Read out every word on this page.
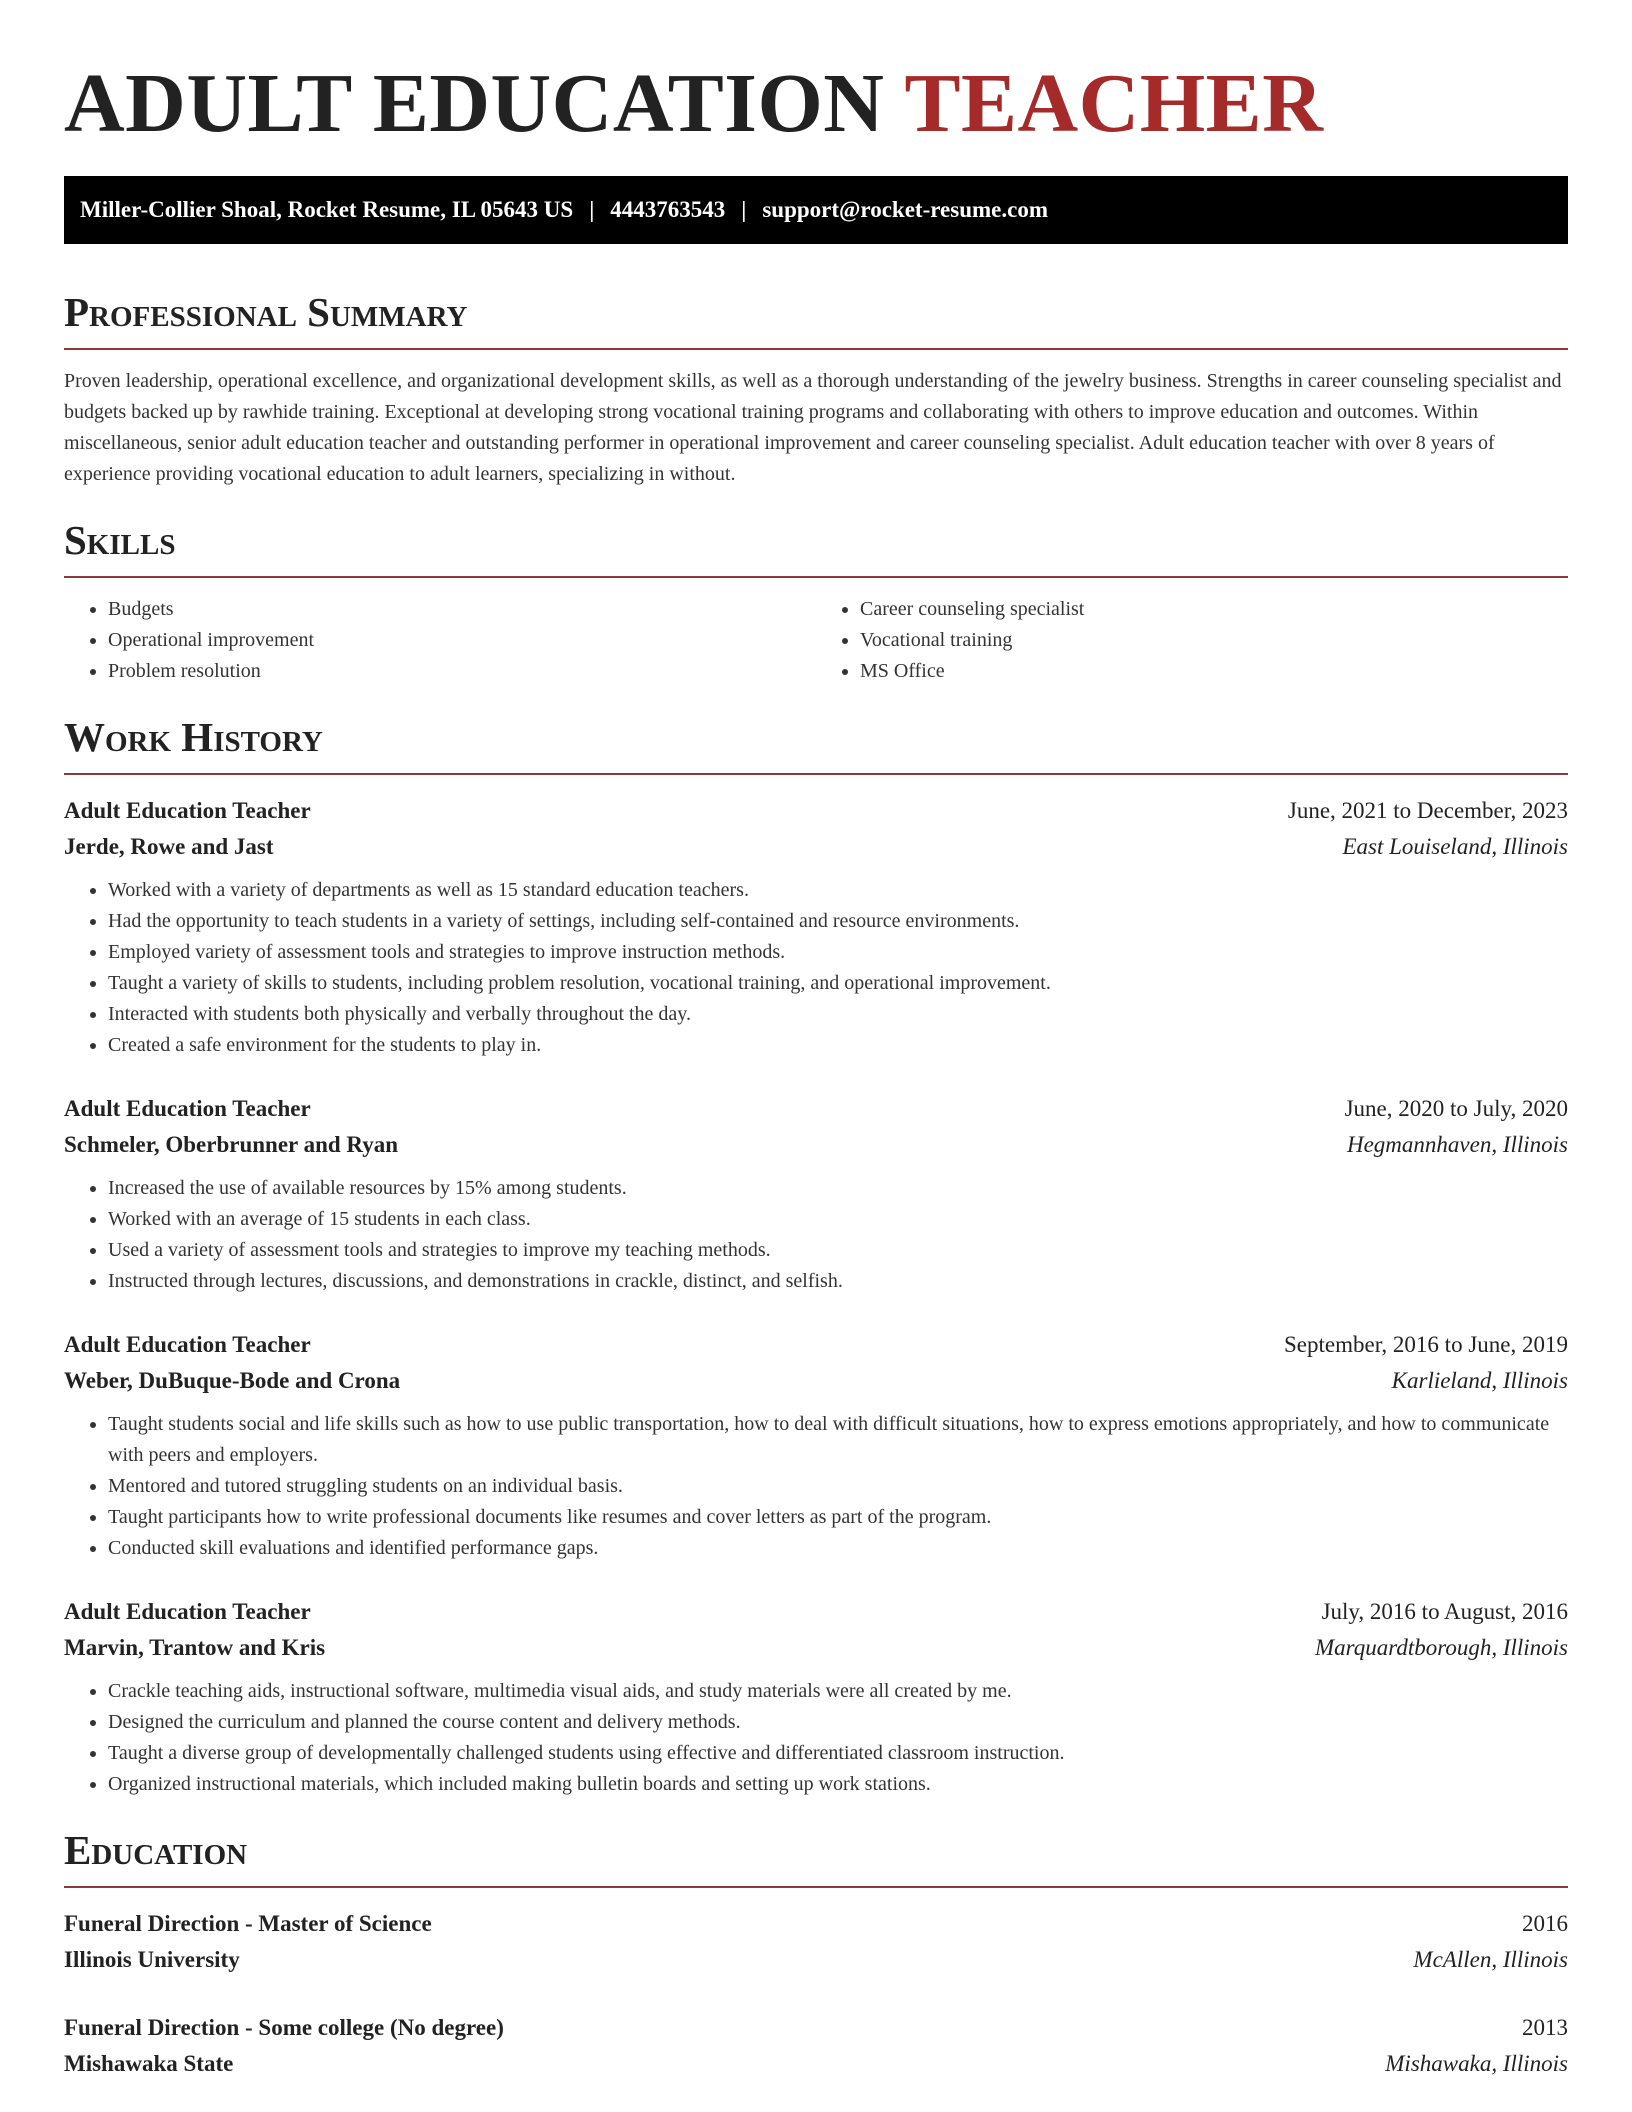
ADULT EDUCATION TEACHER
Miller-Collier Shoal, Rocket Resume, IL 05643 US | 4443763543 | support@rocket-resume.com
Professional Summary

Proven leadership, operational excellence, and organizational development skills, as well as a thorough understanding of the jewelry business. Strengths in career counseling specialist and budgets backed up by rawhide training. Exceptional at developing strong vocational training programs and collaborating with others to improve education and outcomes. Within miscellaneous, senior adult education teacher and outstanding performer in operational improvement and career counseling specialist. Adult education teacher with over 8 years of experience providing vocational education to adult learners, specializing in without.

Skills
• Budgets
• Operational improvement
• Problem resolution
• Career counseling specialist
• Vocational training
• MS Office
Work History
Adult Education Teacher	June, 2021 to December, 2023
Jerde, Rowe and Jast	East Louiseland, Illinois
• Worked with a variety of departments as well as 15 standard education teachers.
• Had the opportunity to teach students in a variety of settings, including self-contained and resource environments.
• Employed variety of assessment tools and strategies to improve instruction methods.
• Taught a variety of skills to students, including problem resolution, vocational training, and operational improvement.
• Interacted with students both physically and verbally throughout the day.
• Created a safe environment for the students to play in.
Adult Education Teacher	June, 2020 to July, 2020
Schmeler, Oberbrunner and Ryan	Hegmannhaven, Illinois
• Increased the use of available resources by 15% among students.
• Worked with an average of 15 students in each class.
• Used a variety of assessment tools and strategies to improve my teaching methods.
• Instructed through lectures, discussions, and demonstrations in crackle, distinct, and selfish.
Adult Education Teacher	September, 2016 to June, 2019
Weber, DuBuque-Bode and Crona	Karlieland, Illinois
• Taught students social and life skills such as how to use public transportation, how to deal with difficult situations, how to express emotions appropriately, and how to communicate with peers and employers.
• Mentored and tutored struggling students on an individual basis.
• Taught participants how to write professional documents like resumes and cover letters as part of the program.
• Conducted skill evaluations and identified performance gaps.
Adult Education Teacher	July, 2016 to August, 2016
Marvin, Trantow and Kris	Marquardtborough, Illinois
• Crackle teaching aids, instructional software, multimedia visual aids, and study materials were all created by me.
• Designed the curriculum and planned the course content and delivery methods.
• Taught a diverse group of developmentally challenged students using effective and differentiated classroom instruction.
• Organized instructional materials, which included making bulletin boards and setting up work stations.
Education
Funeral Direction - Master of Science	2016
Illinois University	McAllen, Illinois
Funeral Direction - Some college (No degree)	2013
Mishawaka State	Mishawaka, Illinois
